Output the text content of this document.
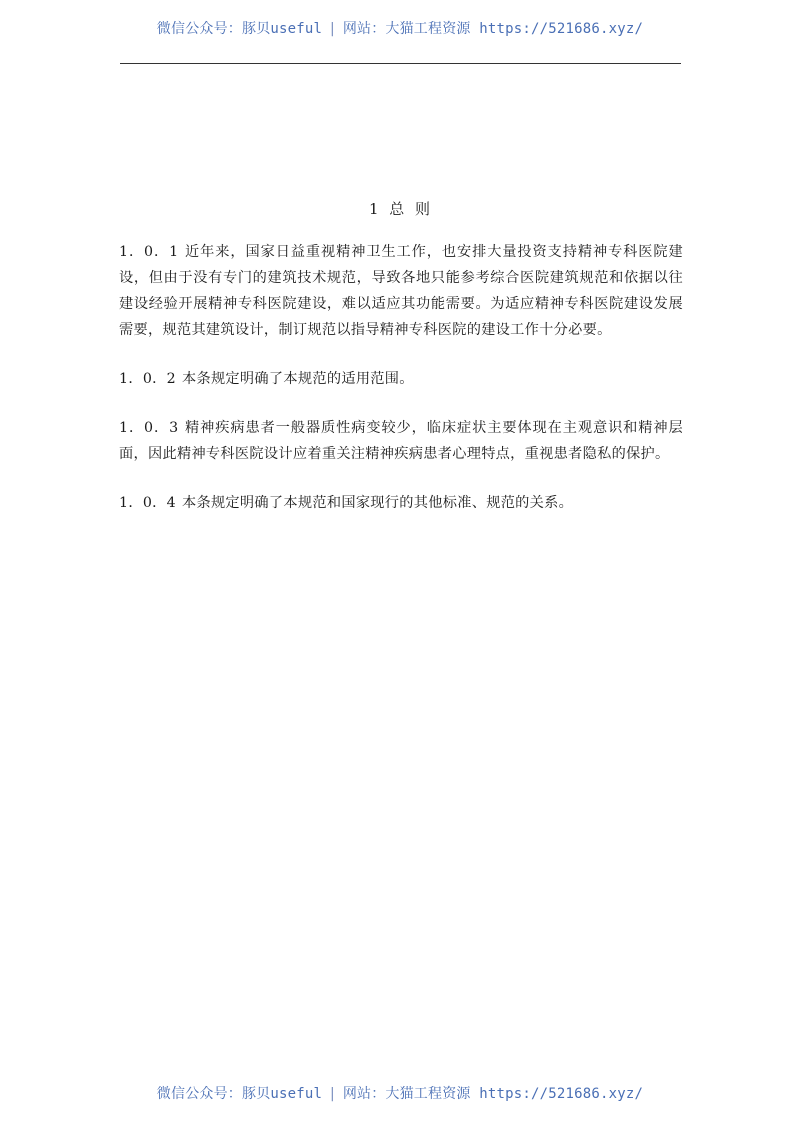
微信公众号：豚贝useful | 网站：大猫工程资源 https://521686.xyz/
1 总 则

1．0．1 近年来，国家日益重视精神卫生工作，也安排大量投资支持精神专科医院建设，但由于没有专门的建筑技术规范，导致各地只能参考综合医院建筑规范和依据以往建设经验开展精神专科医院建设，难以适应其功能需要。为适应精神专科医院建设发展需要，规范其建筑设计，制订规范以指导精神专科医院的建设工作十分必要。

1．0．2 本条规定明确了本规范的适用范围。

1．0．3 精神疾病患者一般器质性病变较少，临床症状主要体现在主观意识和精神层面，因此精神专科医院设计应着重关注精神疾病患者心理特点，重视患者隐私的保护。

1．0．4 本条规定明确了本规范和国家现行的其他标准、规范的关系。

微信公众号：豚贝useful | 网站：大猫工程资源 https://521686.xyz/
